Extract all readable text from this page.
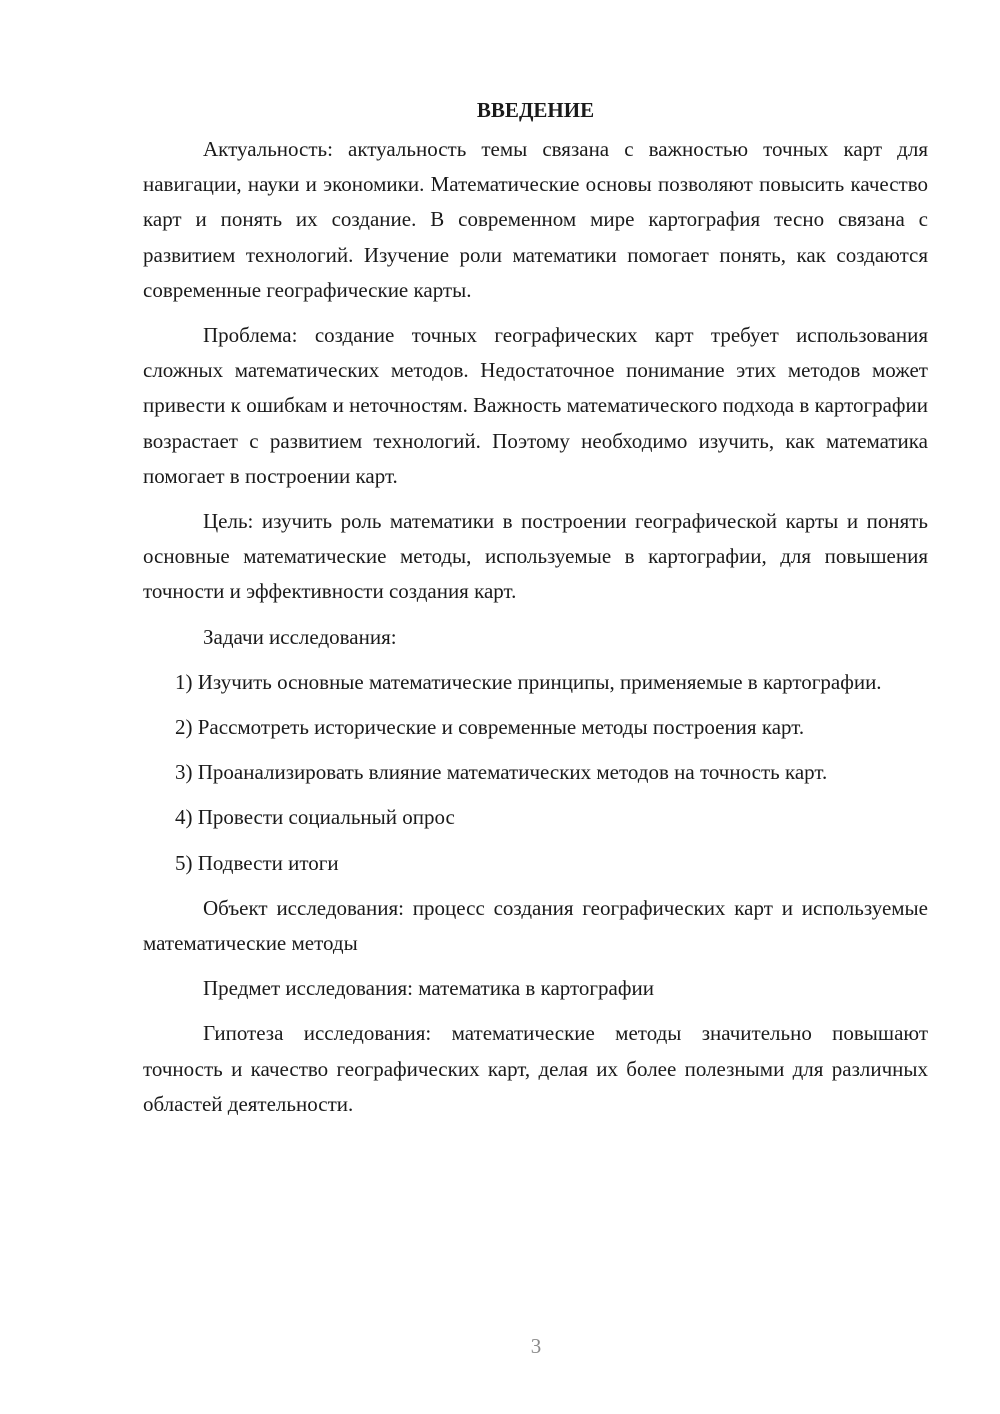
ВВЕДЕНИЕ

Актуальность: актуальность темы связана с важностью точных карт для навигации, науки и экономики. Математические основы позволяют повысить качество карт и понять их создание. В современном мире картография тесно связана с развитием технологий. Изучение роли математики помогает понять, как создаются современные географические карты.

Проблема: создание точных географических карт требует использования сложных математических методов. Недостаточное понимание этих методов может привести к ошибкам и неточностям. Важность математического подхода в картографии возрастает с развитием технологий. Поэтому необходимо изучить, как математика помогает в построении карт.

Цель: изучить роль математики в построении географической карты и понять основные математические методы, используемые в картографии, для повышения точности и эффективности создания карт.

Задачи исследования:

1) Изучить основные математические принципы, применяемые в картографии.

2) Рассмотреть исторические и современные методы построения карт.

3) Проанализировать влияние математических методов на точность карт.

4) Провести социальный опрос

5) Подвести итоги

Объект исследования: процесс создания географических карт и используемые математические методы

Предмет исследования: математика в картографии

Гипотеза исследования: математические методы значительно повышают точность и качество географических карт, делая их более полезными для различных областей деятельности.

3
